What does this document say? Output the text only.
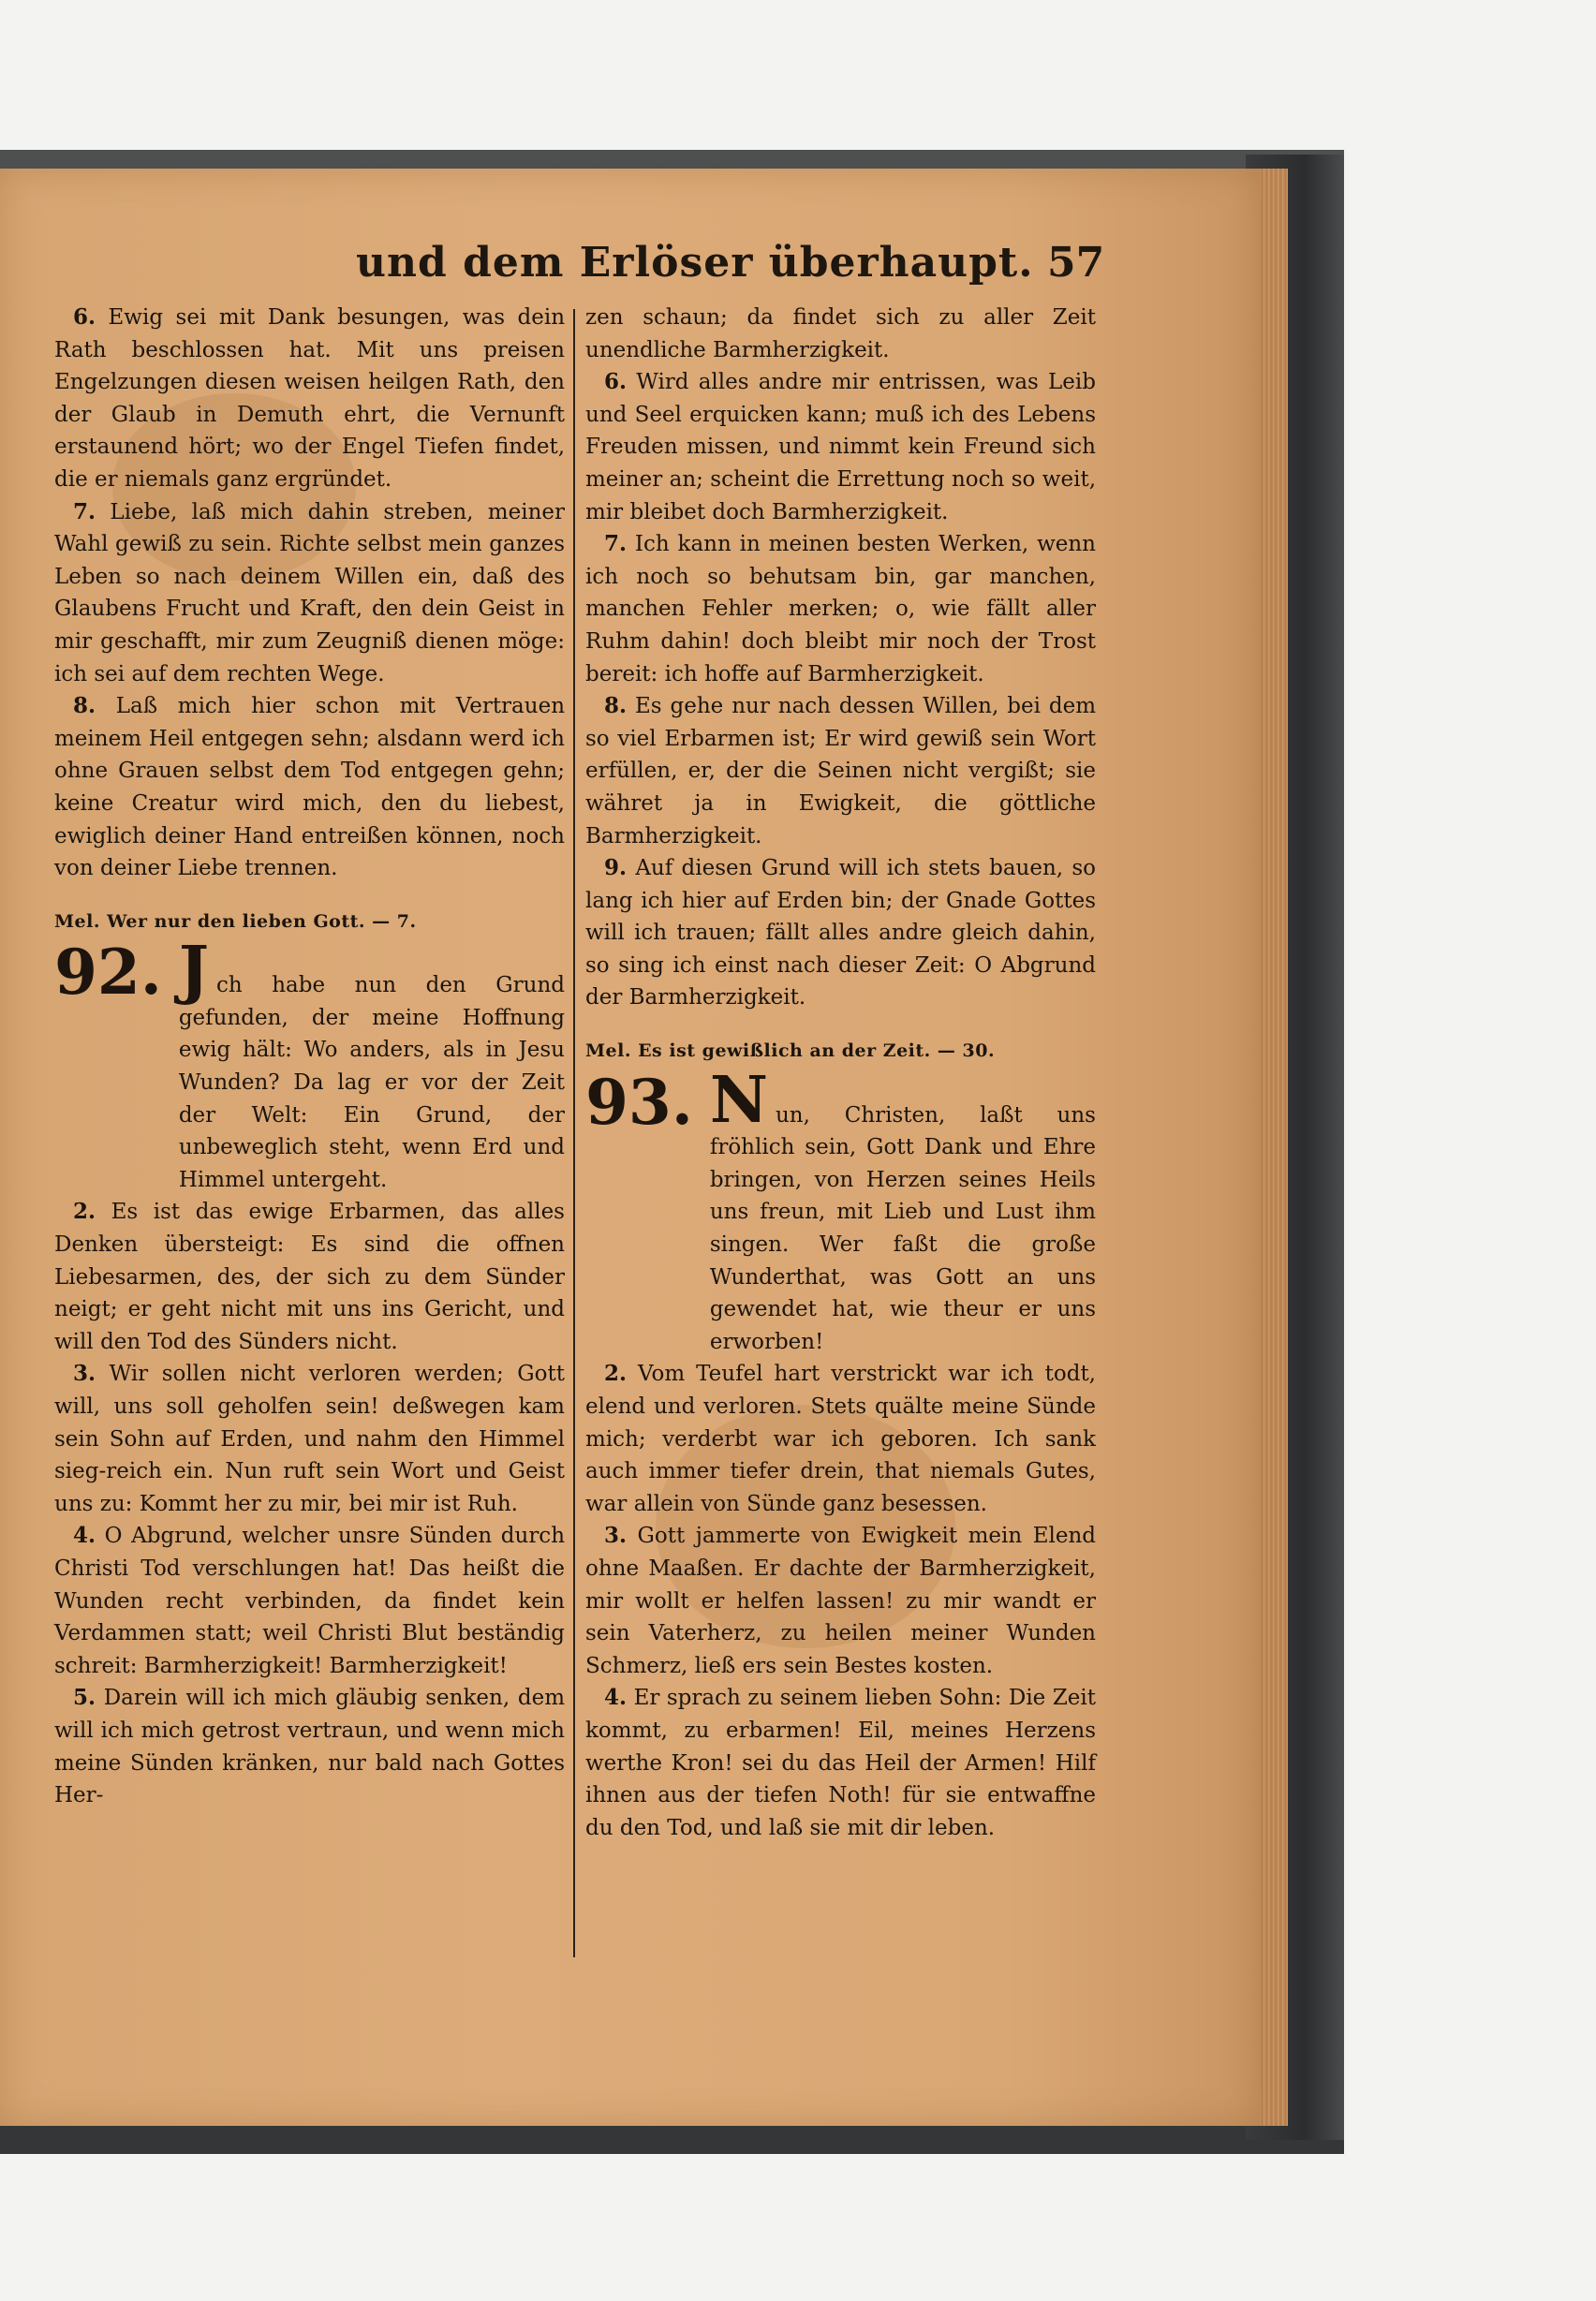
und dem Erlöser überhaupt. 57

6. Ewig sei mit Dank besungen, was dein Rath beschlossen hat. Mit uns preisen Engelzungen diesen weisen heilgen Rath, den der Glaub in Demuth ehrt, die Vernunft erstaunend hört; wo der Engel Tiefen findet, die er niemals ganz ergründet.

7. Liebe, laß mich dahin streben, meiner Wahl gewiß zu sein. Richte selbst mein ganzes Leben so nach deinem Willen ein, daß des Glaubens Frucht und Kraft, den dein Geist in mir geschafft, mir zum Zeugniß dienen möge: ich sei auf dem rechten Wege.

8. Laß mich hier schon mit Vertrauen meinem Heil entgegen sehn; alsdann werd ich ohne Grauen selbst dem Tod entgegen gehn; keine Creatur wird mich, den du liebest, ewiglich deiner Hand entreißen können, noch von deiner Liebe trennen.

Mel. Wer nur den lieben Gott. — 7.
92. Jch habe nun den Grund gefunden, der meine Hoffnung ewig hält: Wo anders, als in Jesu Wunden? Da lag er vor der Zeit der Welt: Ein Grund, der unbeweglich steht, wenn Erd und Himmel untergeht.

2. Es ist das ewige Erbarmen, das alles Denken übersteigt: Es sind die offnen Liebesarmen, des, der sich zu dem Sünder neigt; er geht nicht mit uns ins Gericht, und will den Tod des Sünders nicht.

3. Wir sollen nicht verloren werden; Gott will, uns soll geholfen sein! deßwegen kam sein Sohn auf Erden, und nahm den Himmel sieg-reich ein. Nun ruft sein Wort und Geist uns zu: Kommt her zu mir, bei mir ist Ruh.

4. O Abgrund, welcher unsre Sünden durch Christi Tod verschlungen hat! Das heißt die Wunden recht verbinden, da findet kein Verdammen statt; weil Christi Blut beständig schreit: Barmherzigkeit! Barmherzigkeit!

5. Darein will ich mich gläubig senken, dem will ich mich getrost vertraun, und wenn mich meine Sünden kränken, nur bald nach Gottes Her-

zen schaun; da findet sich zu aller Zeit unendliche Barmherzigkeit.

6. Wird alles andre mir entrissen, was Leib und Seel erquicken kann; muß ich des Lebens Freuden missen, und nimmt kein Freund sich meiner an; scheint die Errettung noch so weit, mir bleibet doch Barmherzigkeit.

7. Ich kann in meinen besten Werken, wenn ich noch so behutsam bin, gar manchen, manchen Fehler merken; o, wie fällt aller Ruhm dahin! doch bleibt mir noch der Trost bereit: ich hoffe auf Barmherzigkeit.

8. Es gehe nur nach dessen Willen, bei dem so viel Erbarmen ist; Er wird gewiß sein Wort erfüllen, er, der die Seinen nicht vergißt; sie währet ja in Ewigkeit, die göttliche Barmherzigkeit.

9. Auf diesen Grund will ich stets bauen, so lang ich hier auf Erden bin; der Gnade Gottes will ich trauen; fällt alles andre gleich dahin, so sing ich einst nach dieser Zeit: O Abgrund der Barmherzigkeit.

Mel. Es ist gewißlich an der Zeit. — 30.
93. Nun, Christen, laßt uns fröhlich sein, Gott Dank und Ehre bringen, von Herzen seines Heils uns freun, mit Lieb und Lust ihm singen. Wer faßt die große Wunderthat, was Gott an uns gewendet hat, wie theur er uns erworben!

2. Vom Teufel hart verstrickt war ich todt, elend und verloren. Stets quälte meine Sünde mich; verderbt war ich geboren. Ich sank auch immer tiefer drein, that niemals Gutes, war allein von Sünde ganz besessen.

3. Gott jammerte von Ewigkeit mein Elend ohne Maaßen. Er dachte der Barmherzigkeit, mir wollt er helfen lassen! zu mir wandt er sein Vaterherz, zu heilen meiner Wunden Schmerz, ließ ers sein Bestes kosten.

4. Er sprach zu seinem lieben Sohn: Die Zeit kommt, zu erbarmen! Eil, meines Herzens werthe Kron! sei du das Heil der Armen! Hilf ihnen aus der tiefen Noth! für sie entwaffne du den Tod, und laß sie mit dir leben.
